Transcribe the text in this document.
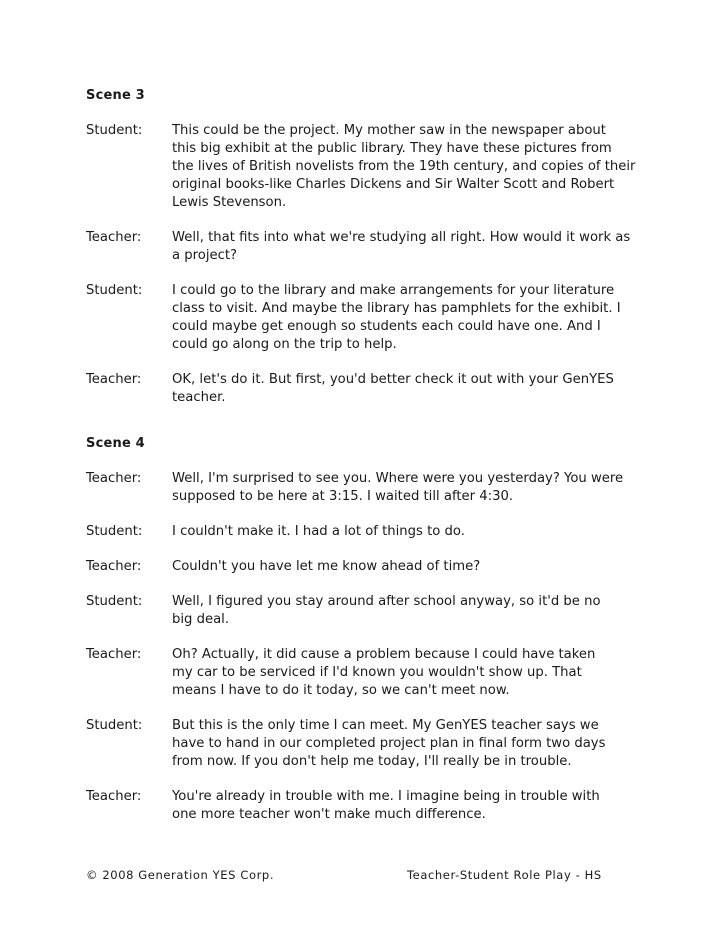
Scene 3
Student:	This could be the project. My mother saw in the newspaper about
this big exhibit at the public library. They have these pictures from
the lives of British novelists from the 19th century, and copies of their
original books-like Charles Dickens and Sir Walter Scott and Robert
Lewis Stevenson.
Teacher:	Well, that fits into what we're studying all right. How would it work as
a project?
Student:	I could go to the library and make arrangements for your literature
class to visit. And maybe the library has pamphlets for the exhibit. I
could maybe get enough so students each could have one. And I
could go along on the trip to help.
Teacher:	OK, let's do it. But first, you'd better check it out with your GenYES
teacher.
Scene 4
Teacher:	Well, I'm surprised to see you. Where were you yesterday? You were
supposed to be here at 3:15. I waited till after 4:30.
Student:	I couldn't make it. I had a lot of things to do.
Teacher:	Couldn't you have let me know ahead of time?
Student:	Well, I figured you stay around after school anyway, so it'd be no
big deal.
Teacher:	Oh? Actually, it did cause a problem because I could have taken
my car to be serviced if I'd known you wouldn't show up. That
means I have to do it today, so we can't meet now.
Student:	But this is the only time I can meet. My GenYES teacher says we
have to hand in our completed project plan in final form two days
from now. If you don't help me today, I'll really be in trouble.
Teacher:	You're already in trouble with me. I imagine being in trouble with
one more teacher won't make much difference.
© 2008 Generation YES Corp.	Teacher-Student Role Play - HS
